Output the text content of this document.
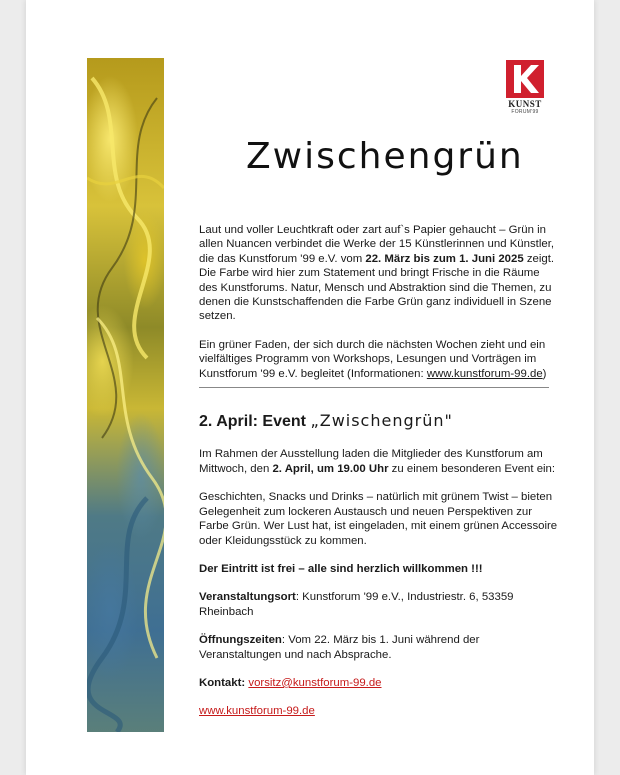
KUNST
FORUM'99
Zwischengrün

Laut und voller Leuchtkraft oder zart auf`s Papier gehaucht – Grün in allen Nuancen verbindet die Werke der 15 Künstlerinnen und Künstler, die das Kunstforum '99 e.V. vom 22. März bis zum 1. Juni 2025 zeigt. Die Farbe wird hier zum Statement und bringt Frische in die Räume des Kunstforums. Natur, Mensch und Abstraktion sind die Themen, zu denen die Kunstschaffenden die Farbe Grün ganz individuell in Szene setzen.

Ein grüner Faden, der sich durch die nächsten Wochen zieht und ein vielfältiges Programm von Workshops, Lesungen und Vorträgen im Kunstforum '99 e.V. begleitet (Informationen: www.kunstforum-99.de)

2. April: Event „Zwischengrün"

Im Rahmen der Ausstellung laden die Mitglieder des Kunstforum am Mittwoch, den 2. April, um 19.00 Uhr zu einem besonderen Event ein:

Geschichten, Snacks und Drinks – natürlich mit grünem Twist – bieten Gelegenheit zum lockeren Austausch und neuen Perspektiven zur Farbe Grün. Wer Lust hat, ist eingeladen, mit einem grünen Accessoire oder Kleidungsstück zu kommen.

Der Eintritt ist frei – alle sind herzlich willkommen !!!

Veranstaltungsort: Kunstforum '99 e.V., Industriestr. 6, 53359 Rheinbach

Öffnungszeiten: Vom 22. März bis 1. Juni während der Veranstaltungen und nach Absprache.

Kontakt: vorsitz@kunstforum-99.de

www.kunstforum-99.de
